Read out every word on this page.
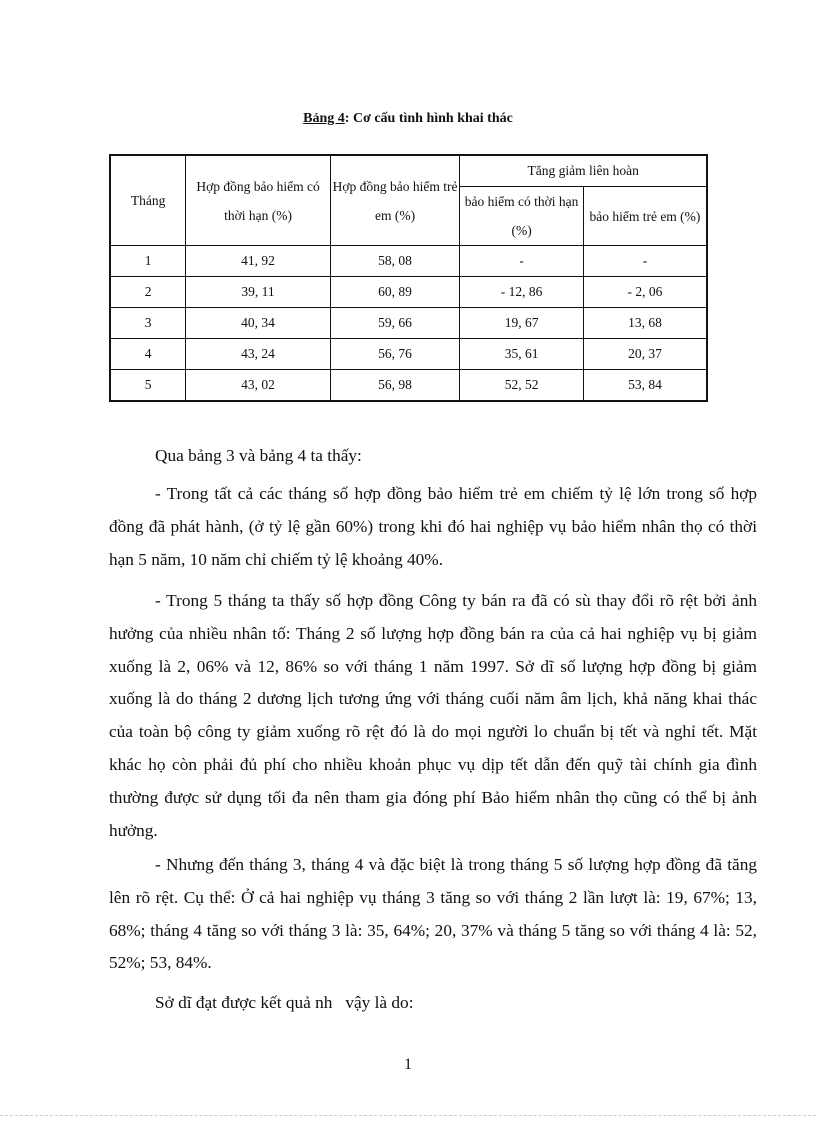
Bảng 4: Cơ cấu tình hình khai thác
Tháng	Hợp đồng bảo hiểm có thời hạn (%)	Hợp đồng bảo hiểm trẻ em (%)	Tăng giảm liên hoàn	
			bảo hiểm có thời hạn (%)	bảo hiểm trẻ em (%)

1	41, 92	58, 08	-	-
2	39, 11	60, 89	- 12, 86	- 2, 06
3	40, 34	59, 66	19, 67	13, 68
4	43, 24	56, 76	35, 61	20, 37
5	43, 02	56, 98	52, 52	53, 84

Qua bảng 3 và bảng 4 ta thấy:

- Trong tất cả các tháng số hợp đồng bảo hiểm trẻ em chiếm tỷ lệ lớn trong số hợp đồng đã phát hành, (ở tỷ lệ gần 60%) trong khi đó hai nghiệp vụ bảo hiểm nhân thọ có thời hạn 5 năm, 10 năm chỉ chiếm tỷ lệ khoảng 40%.

- Trong 5 tháng ta thấy số hợp đồng Công ty bán ra đã có sù thay đổi rõ rệt bởi ảnh hưởng của nhiều nhân tố: Tháng 2 số lượng hợp đồng bán ra của cả hai nghiệp vụ bị giảm xuống là 2, 06% và 12, 86% so với tháng 1 năm 1997. Sở dĩ số lượng hợp đồng bị giảm xuống là do tháng 2 dương lịch tương ứng với tháng cuối năm âm lịch, khả năng khai thác của toàn bộ công ty giảm xuống rõ rệt đó là do mọi người lo chuẩn bị tết và nghỉ tết. Mặt khác họ còn phải đủ phí cho nhiều khoản phục vụ dịp tết dẫn đến quỹ tài chính gia đình thường được sử dụng tối đa nên tham gia đóng phí Bảo hiểm nhân thọ cũng có thể bị ảnh hưởng.

- Nhưng đến tháng 3, tháng 4 và đặc biệt là trong tháng 5 số lượng hợp đồng đã tăng lên rõ rệt. Cụ thể: Ở cả hai nghiệp vụ tháng 3 tăng so với tháng 2 lần lượt là: 19, 67%; 13, 68%; tháng 4 tăng so với tháng 3 là: 35, 64%; 20, 37% và tháng 5 tăng so với tháng 4 là: 52, 52%; 53, 84%.

Sở dĩ đạt được kết quả nh   vậy là do:

1
